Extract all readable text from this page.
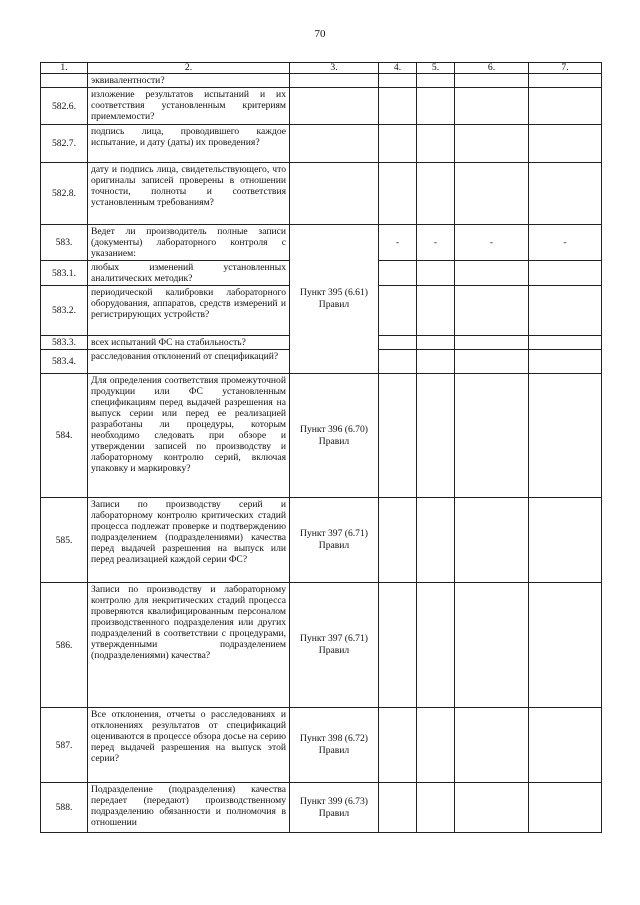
70
1.	2.	3.	4.	5.	6.	7.
	эквивалентности?					
582.6.	изложение результатов испытаний и их соответствия установленным критериям приемлемости?					
582.7.	подпись лица, проводившего каждое испытание, и дату (даты) их проведения?					
582.8.	дату и подпись лица, свидетельствующего, что оригиналы записей проверены в отношении точности, полноты и соответствия установленным требованиям?					
583.	Ведет ли производитель полные записи (документы) лабораторного контроля с указанием:	Пункт 395 (6.61) Правил	-	-	-	-
583.1.	любых изменений установленных аналитических методик?					
583.2.	периодической калибровки лабораторного оборудования, аппаратов, средств измерений и регистрирующих устройств?					
583.3.	всех испытаний ФС на стабильность?					
583.4.	расследования отклонений от спецификаций?					
584.	Для определения соответствия промежуточной продукции или ФС установленным спецификациям перед выдачей разрешения на выпуск серии или перед ее реализацией разработаны ли процедуры, которым необходимо следовать при обзоре и утверждении записей по производству и лабораторному контролю серий, включая упаковку и маркировку?	Пункт 396 (6.70) Правил				
585.	Записи по производству серий и лабораторному контролю критических стадий процесса подлежат проверке и подтверждению подразделением (подразделениями) качества перед выдачей разрешения на выпуск или перед реализацией каждой серии ФС?	Пункт 397 (6.71) Правил				
586.	Записи по производству и лабораторному контролю для некритических стадий процесса проверяются квалифицированным персоналом производственного подразделения или других подразделений в соответствии с процедурами, утвержденными подразделением (подразделениями) качества?	Пункт 397 (6.71) Правил				
587.	Все отклонения, отчеты о расследованиях и отклонениях результатов от спецификаций оцениваются в процессе обзора досье на серию перед выдачей разрешения на выпуск этой серии?	Пункт 398 (6.72) Правил				
588.	Подразделение (подразделения) качества передает (передают) производственному подразделению обязанности и полномочия в отношении	Пункт 399 (6.73) Правил				
